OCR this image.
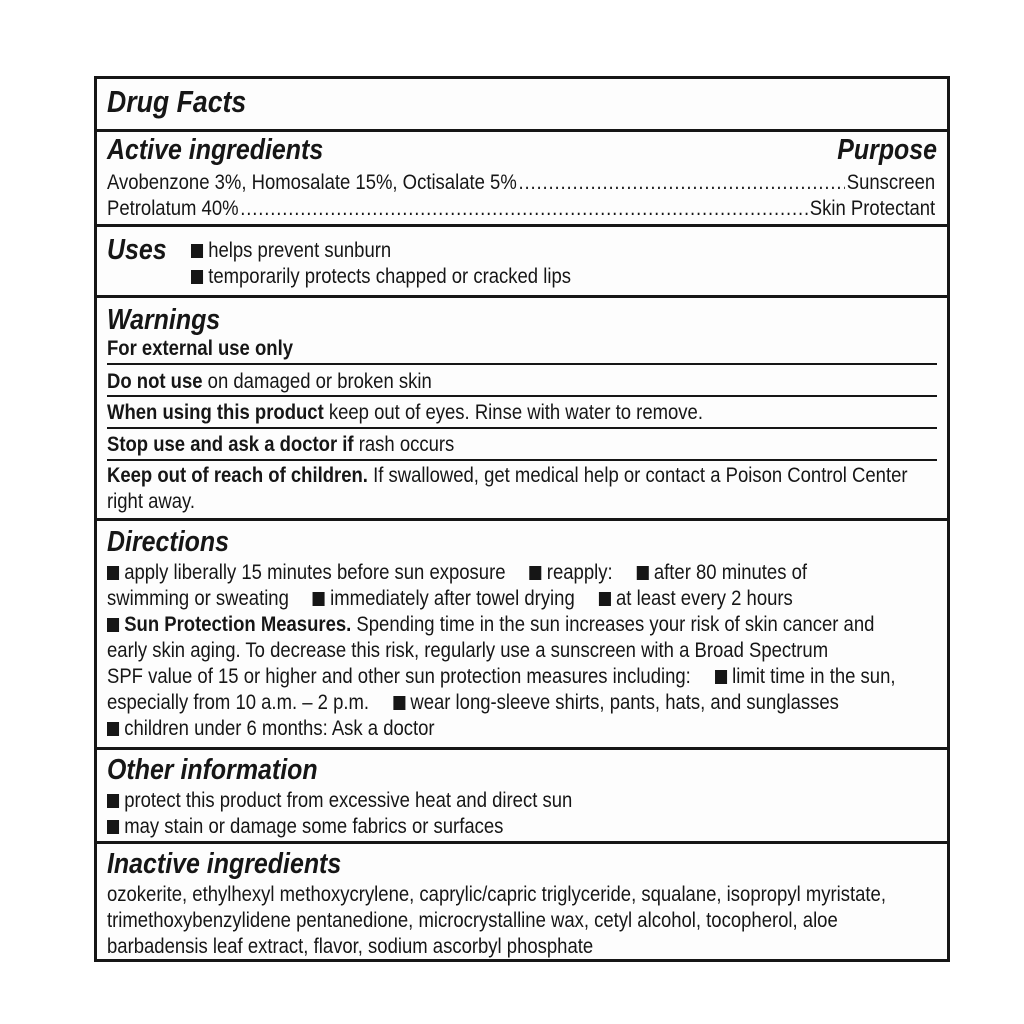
Drug Facts
Active ingredients	Purpose
Avobenzone 3%, Homosalate 15%, Octisalate 5% .....	Sunscreen
Petrolatum 40% .....	Skin Protectant
Uses	helps prevent sunburn
temporarily protects chapped or cracked lips
Warnings
For external use only
Do not use on damaged or broken skin
When using this product keep out of eyes. Rinse with water to remove.
Stop use and ask a doctor if rash occurs
Keep out of reach of children. If swallowed, get medical help or contact a Poison Control Center right away.
Directions
apply liberally 15 minutes before sun exposure reapply: after 80 minutes of
swimming or sweating immediately after towel drying at least every 2 hours
Sun Protection Measures. Spending time in the sun increases your risk of skin cancer and
early skin aging. To decrease this risk, regularly use a sunscreen with a Broad Spectrum
SPF value of 15 or higher and other sun protection measures including: limit time in the sun,
especially from 10 a.m. – 2 p.m. wear long-sleeve shirts, pants, hats, and sunglasses
children under 6 months: Ask a doctor
Other information
protect this product from excessive heat and direct sun
may stain or damage some fabrics or surfaces
Inactive ingredients
ozokerite, ethylhexyl methoxycrylene, caprylic/capric triglyceride, squalane, isopropyl myristate, trimethoxybenzylidene pentanedione, microcrystalline wax, cetyl alcohol, tocopherol, aloe barbadensis leaf extract, flavor, sodium ascorbyl phosphate
